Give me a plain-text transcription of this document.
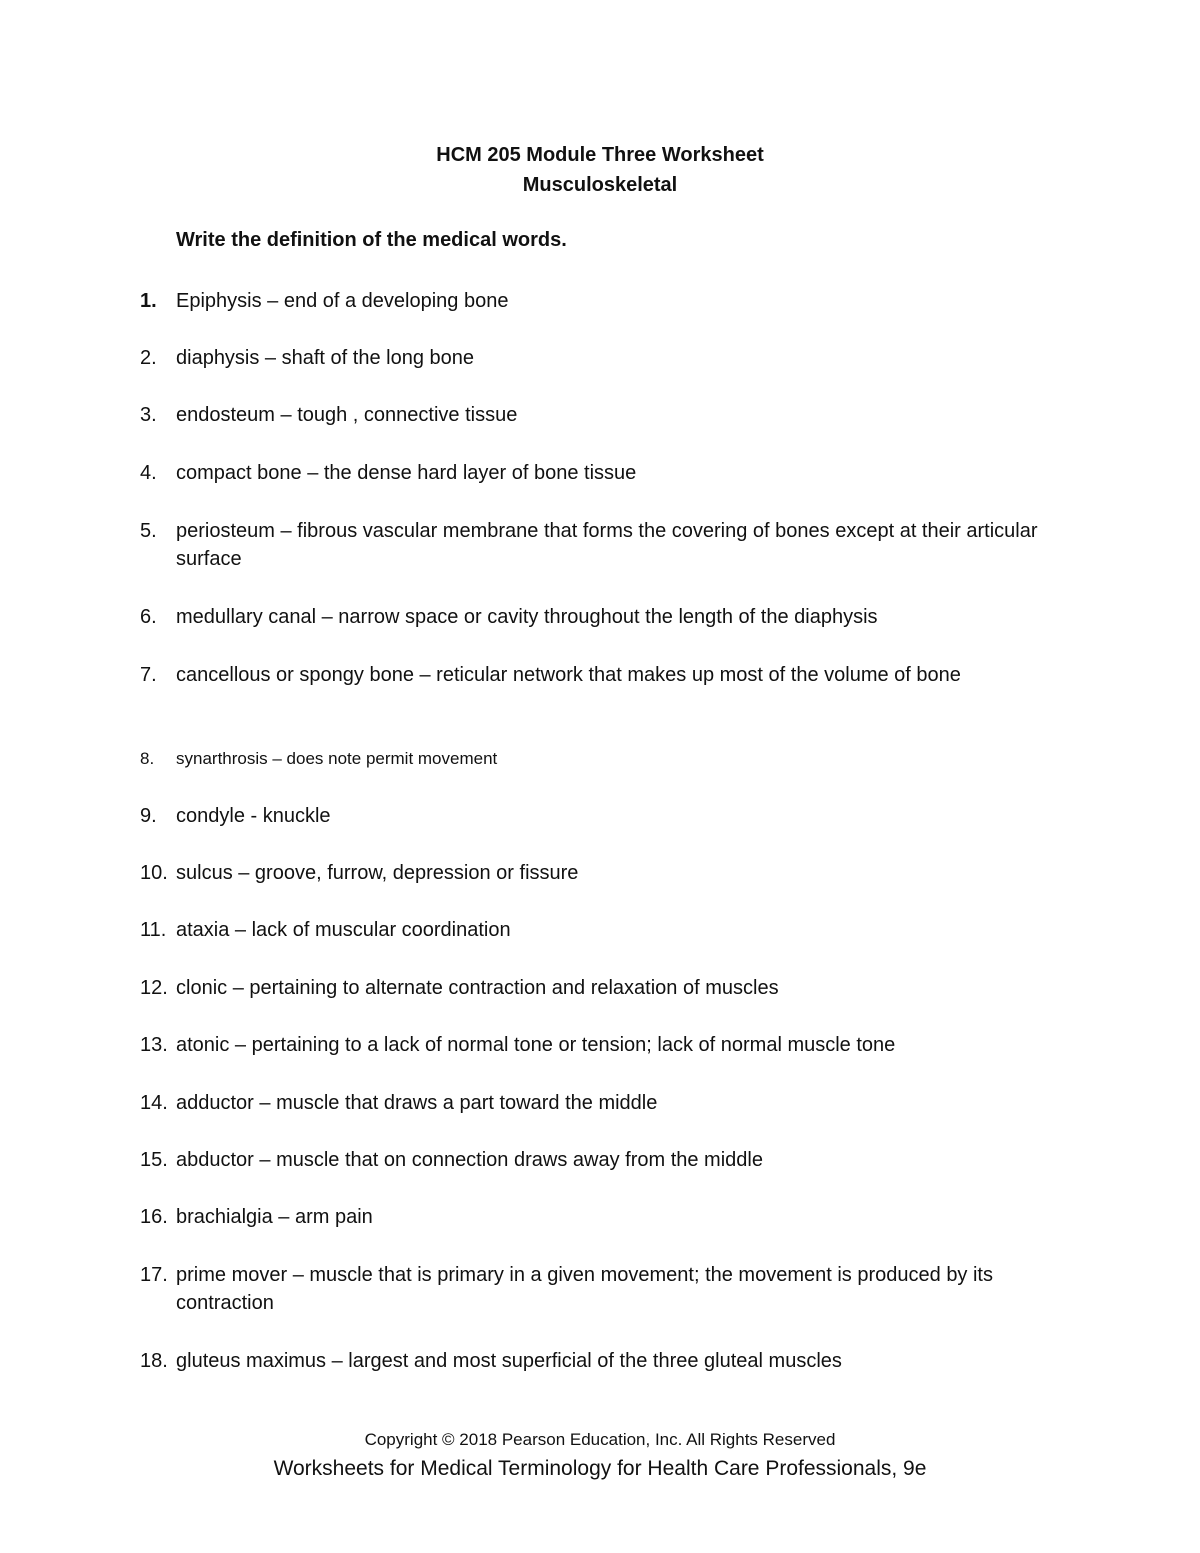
HCM 205 Module Three Worksheet
Musculoskeletal
Write the definition of the medical words.
1. Epiphysis – end of a developing bone
2. diaphysis – shaft of the long bone
3. endosteum – tough , connective tissue
4. compact bone – the dense hard layer of bone tissue
5. periosteum – fibrous vascular membrane that forms the covering of bones except at their articular surface
6. medullary canal – narrow space or cavity throughout the length of the diaphysis
7. cancellous or spongy bone – reticular network that makes up most of the volume of bone
8.	synarthrosis – does note permit movement
9. condyle - knuckle
10. sulcus – groove, furrow, depression or fissure
11. ataxia – lack of muscular coordination
12. clonic – pertaining to alternate contraction and relaxation of muscles
13. atonic – pertaining to a lack of normal tone or tension; lack of normal muscle tone
14. adductor – muscle that draws a part toward the middle
15. abductor – muscle that on connection draws away from the middle
16. brachialgia – arm pain
17. prime mover – muscle that is primary in a given movement; the movement is produced by its contraction
18. gluteus maximus – largest and most superficial of the three gluteal muscles
Copyright © 2018 Pearson Education, Inc. All Rights Reserved
Worksheets for Medical Terminology for Health Care Professionals, 9e
